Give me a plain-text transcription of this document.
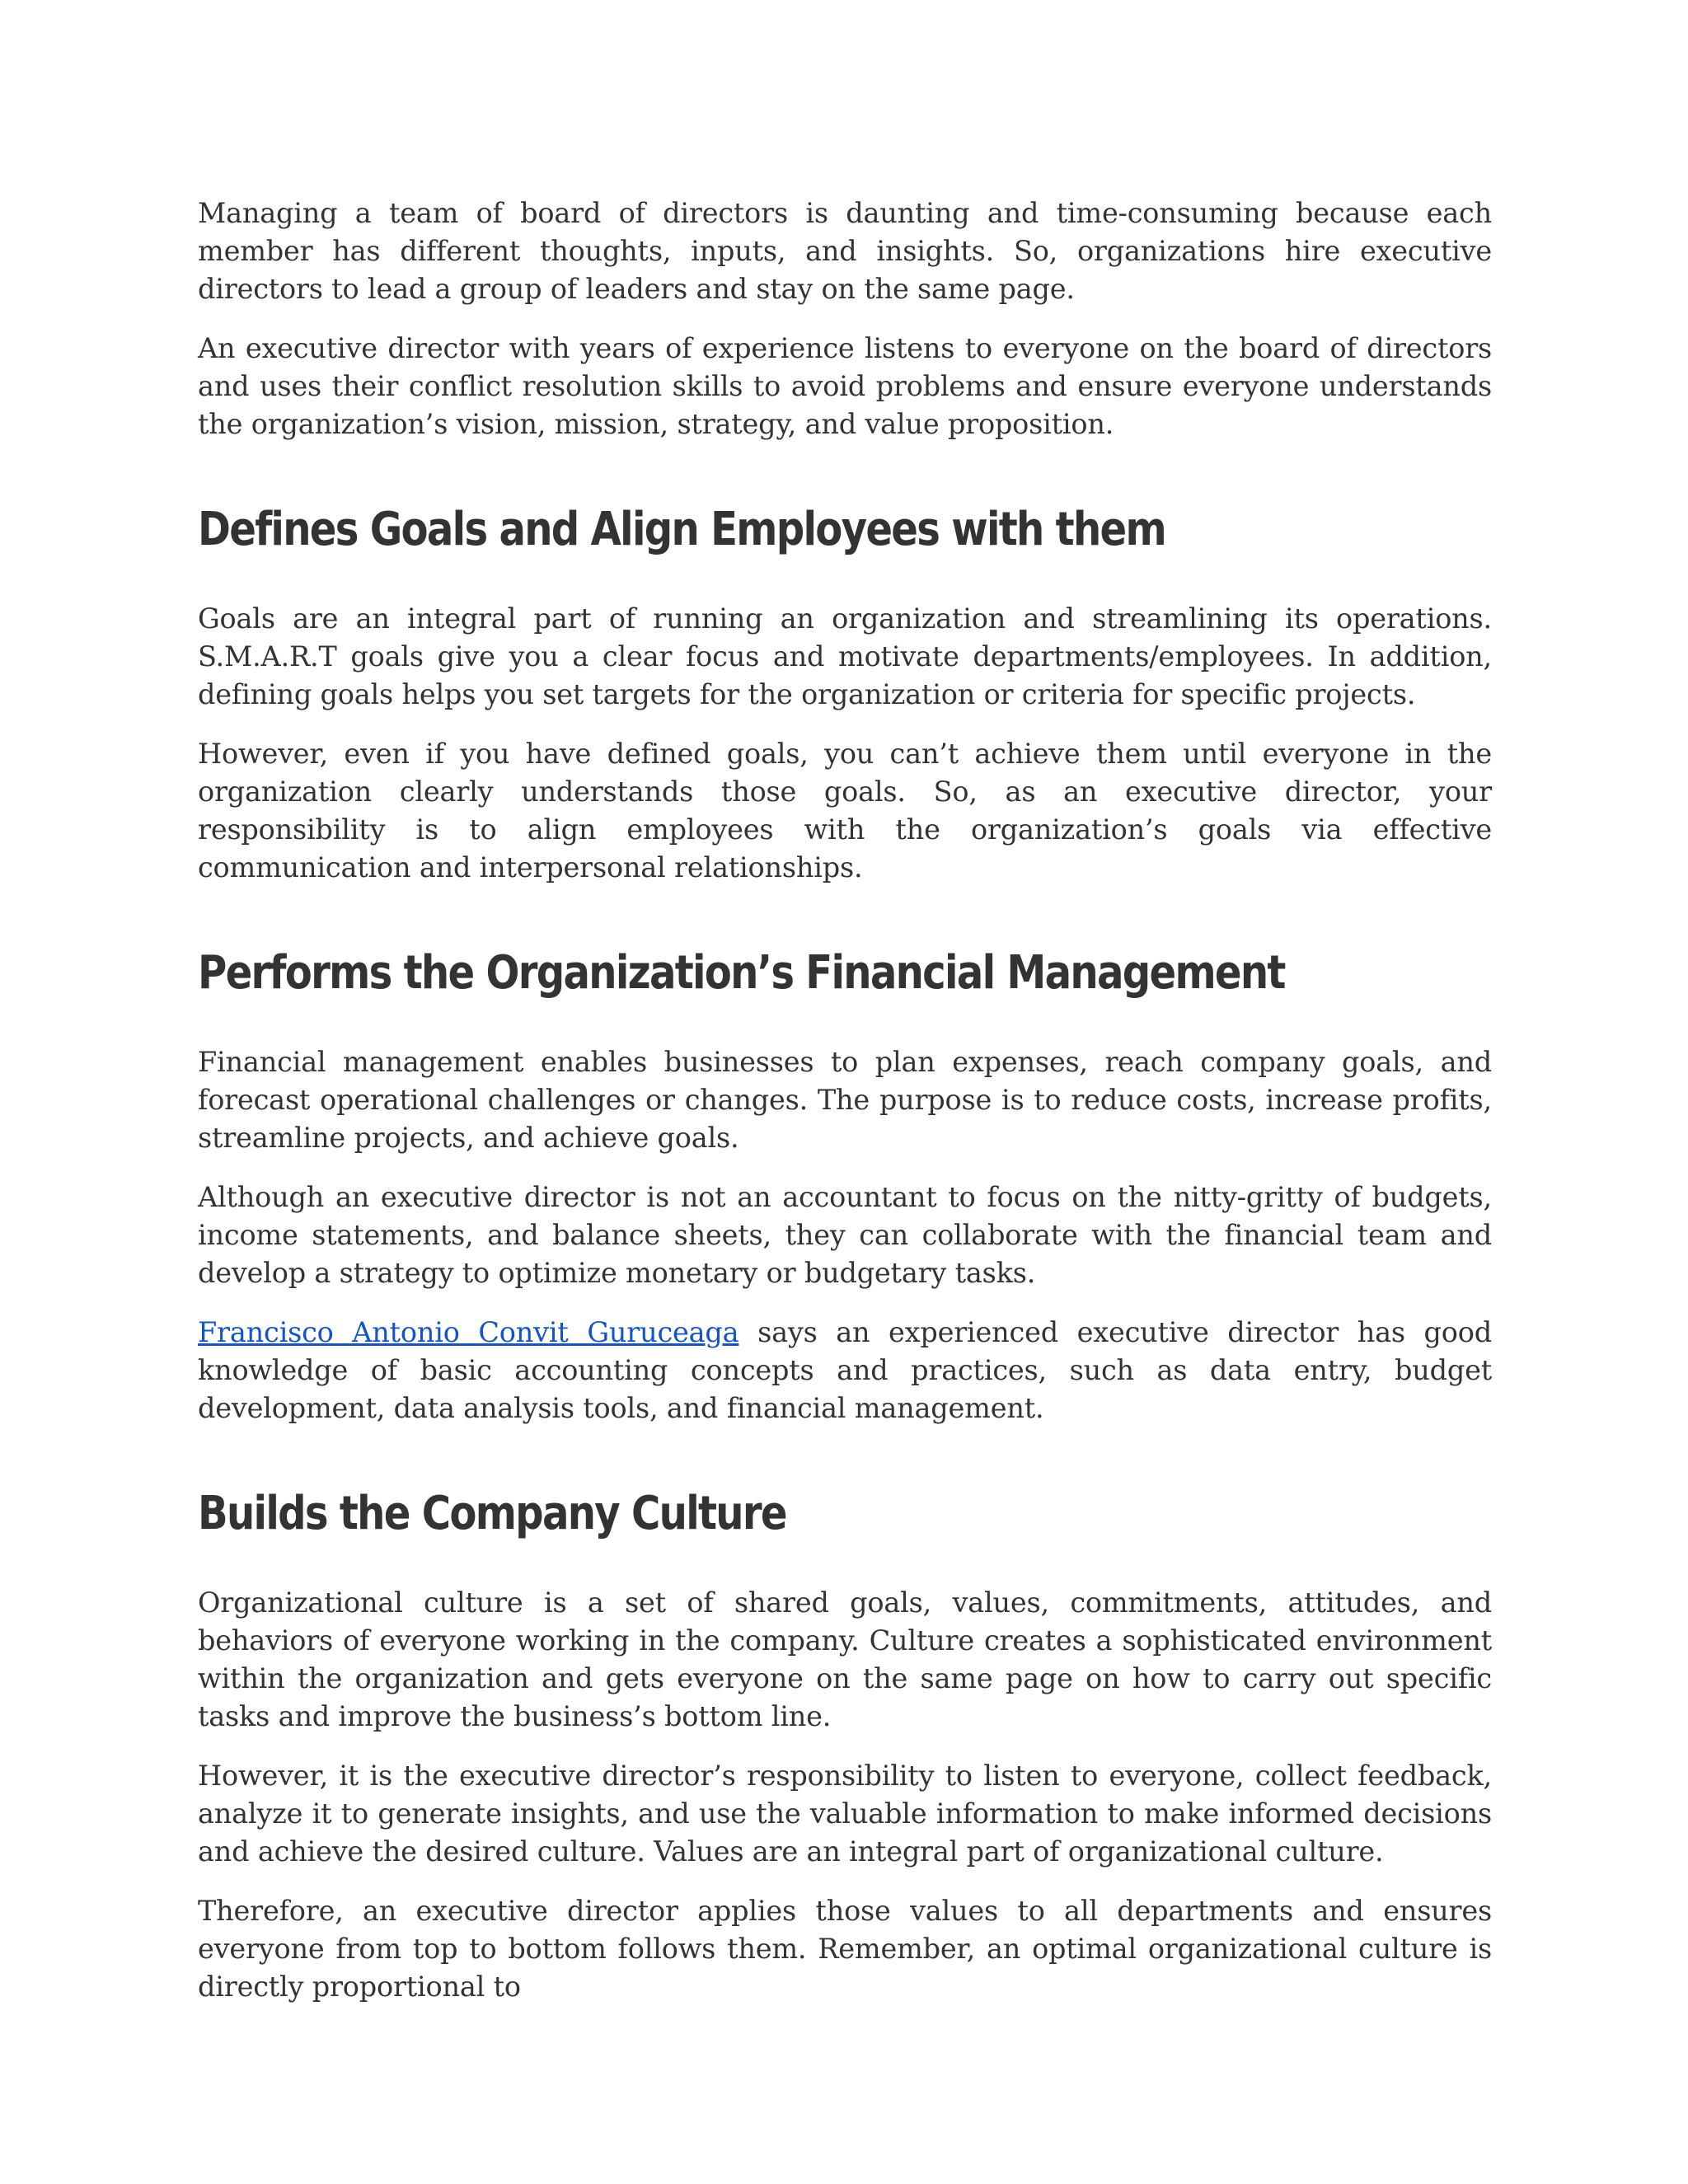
Managing a team of board of directors is daunting and time-consuming because each member has different thoughts, inputs, and insights. So, organizations hire executive directors to lead a group of leaders and stay on the same page.

An executive director with years of experience listens to everyone on the board of directors and uses their conflict resolution skills to avoid problems and ensure everyone understands the organization’s vision, mission, strategy, and value proposition.

Defines Goals and Align Employees with them

Goals are an integral part of running an organization and streamlining its operations. S.M.A.R.T goals give you a clear focus and motivate departments/employees. In addition, defining goals helps you set targets for the organization or criteria for specific projects.

However, even if you have defined goals, you can’t achieve them until everyone in the organization clearly understands those goals. So, as an executive director, your responsibility is to align employees with the organization’s goals via effective communication and interpersonal relationships.

Performs the Organization’s Financial Management

Financial management enables businesses to plan expenses, reach company goals, and forecast operational challenges or changes. The purpose is to reduce costs, increase profits, streamline projects, and achieve goals.

Although an executive director is not an accountant to focus on the nitty-gritty of budgets, income statements, and balance sheets, they can collaborate with the financial team and develop a strategy to optimize monetary or budgetary tasks.

Francisco Antonio Convit Guruceaga says an experienced executive director has good knowledge of basic accounting concepts and practices, such as data entry, budget development, data analysis tools, and financial management.

Builds the Company Culture

Organizational culture is a set of shared goals, values, commitments, attitudes, and behaviors of everyone working in the company. Culture creates a sophisticated environment within the organization and gets everyone on the same page on how to carry out specific tasks and improve the business’s bottom line.

However, it is the executive director’s responsibility to listen to everyone, collect feedback, analyze it to generate insights, and use the valuable information to make informed decisions and achieve the desired culture. Values are an integral part of organizational culture.

Therefore, an executive director applies those values to all departments and ensures everyone from top to bottom follows them. Remember, an optimal organizational culture is directly proportional to
